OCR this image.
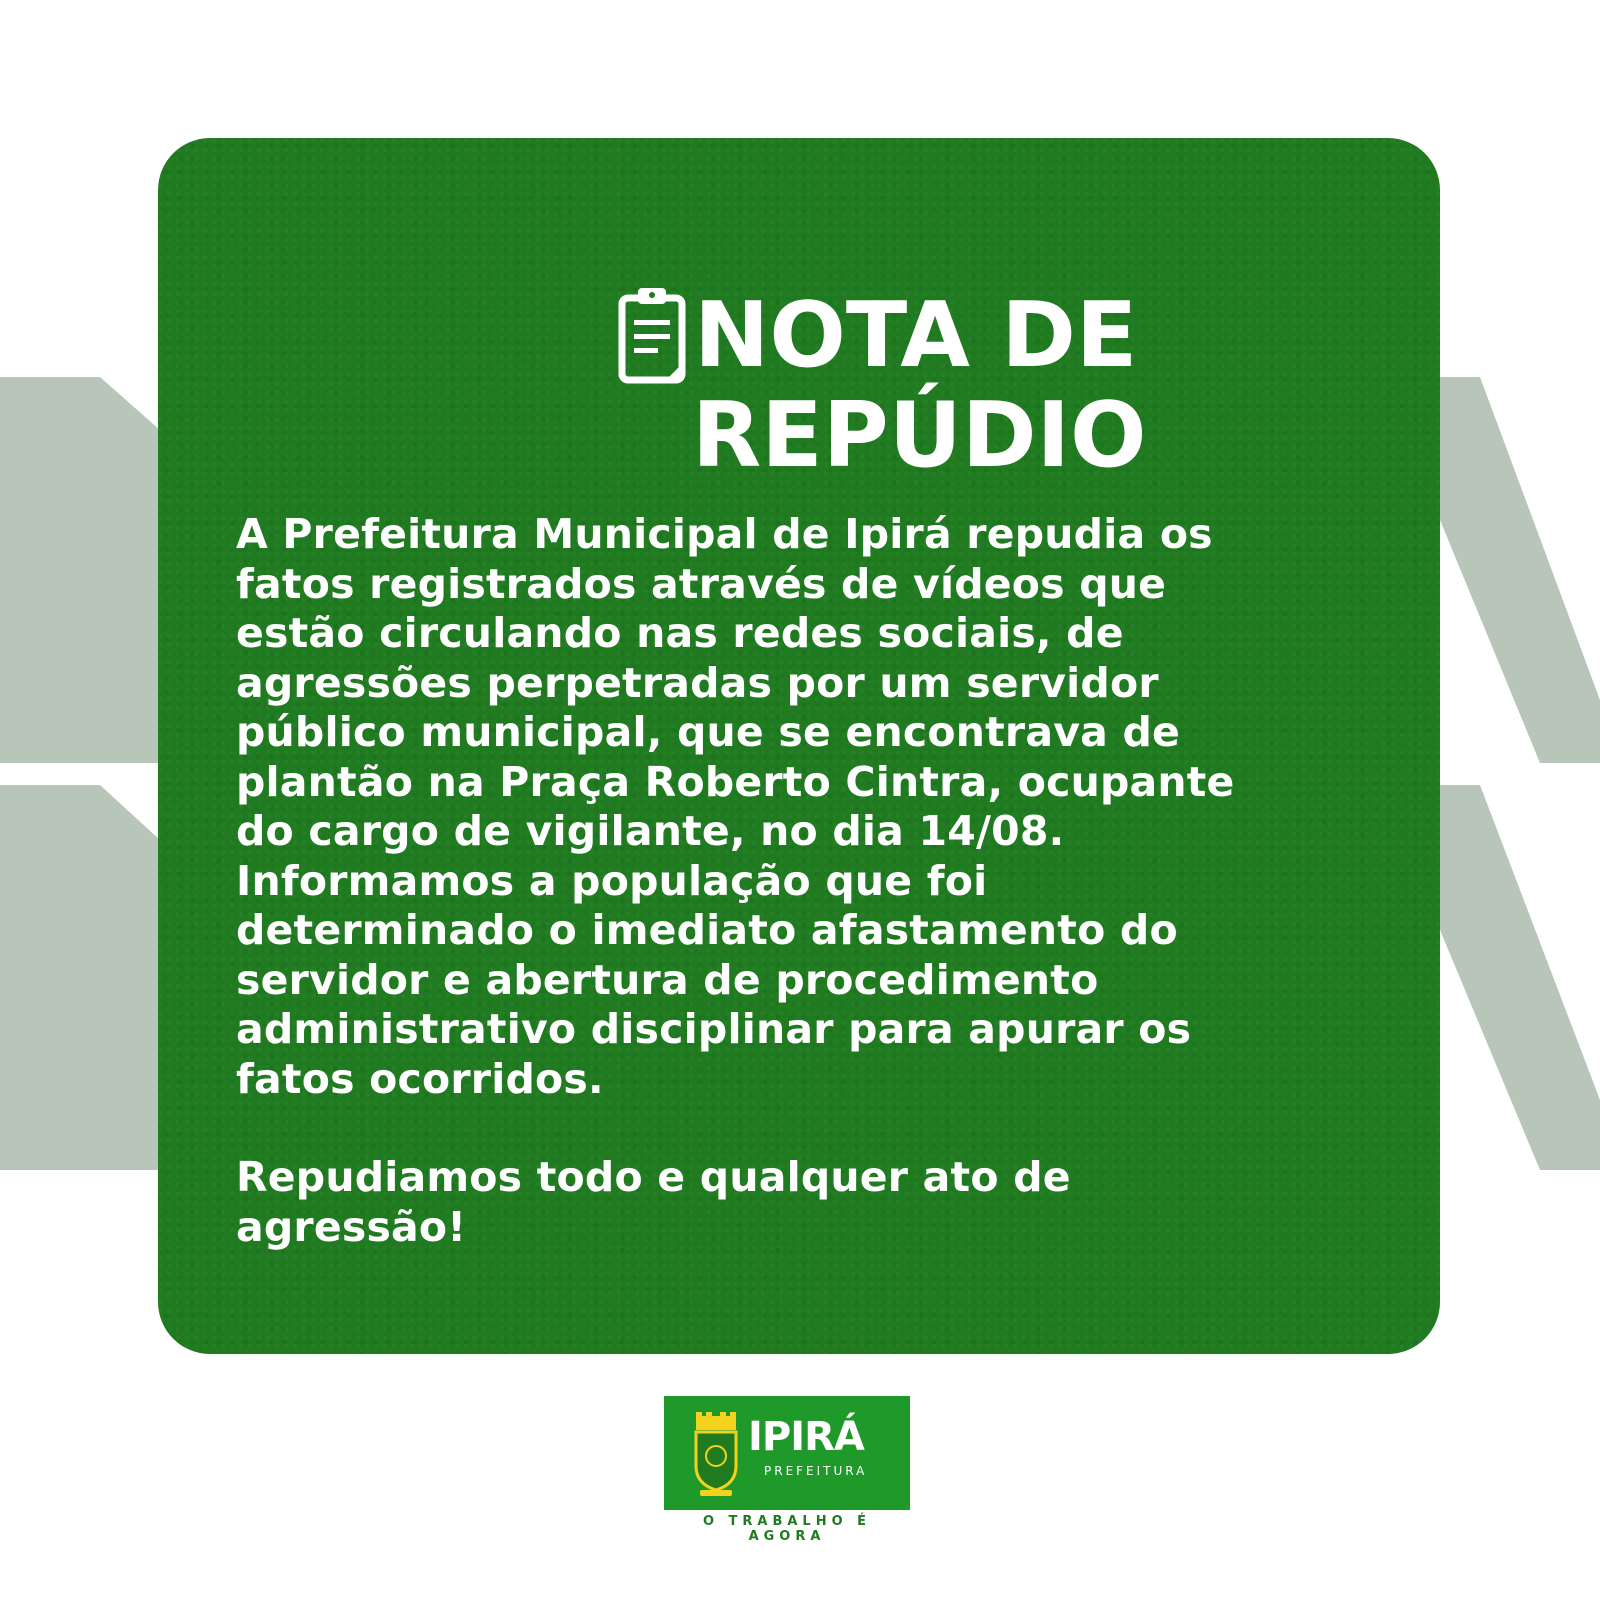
NOTA DE
REPÚDIO
A Prefeitura Municipal de Ipirá repudia os
fatos registrados através de vídeos que
estão circulando nas redes sociais, de
agressões perpetradas por um servidor
público municipal, que se encontrava de
plantão na Praça Roberto Cintra, ocupante
do cargo de vigilante, no dia 14/08.
Informamos a população que foi
determinado o imediato afastamento do
servidor e abertura de procedimento
administrativo disciplinar para apurar os
fatos ocorridos.
Repudiamos todo e qualquer ato de
agressão!
IPIRÁ
PREFEITURA
O TRABALHO É AGORA
